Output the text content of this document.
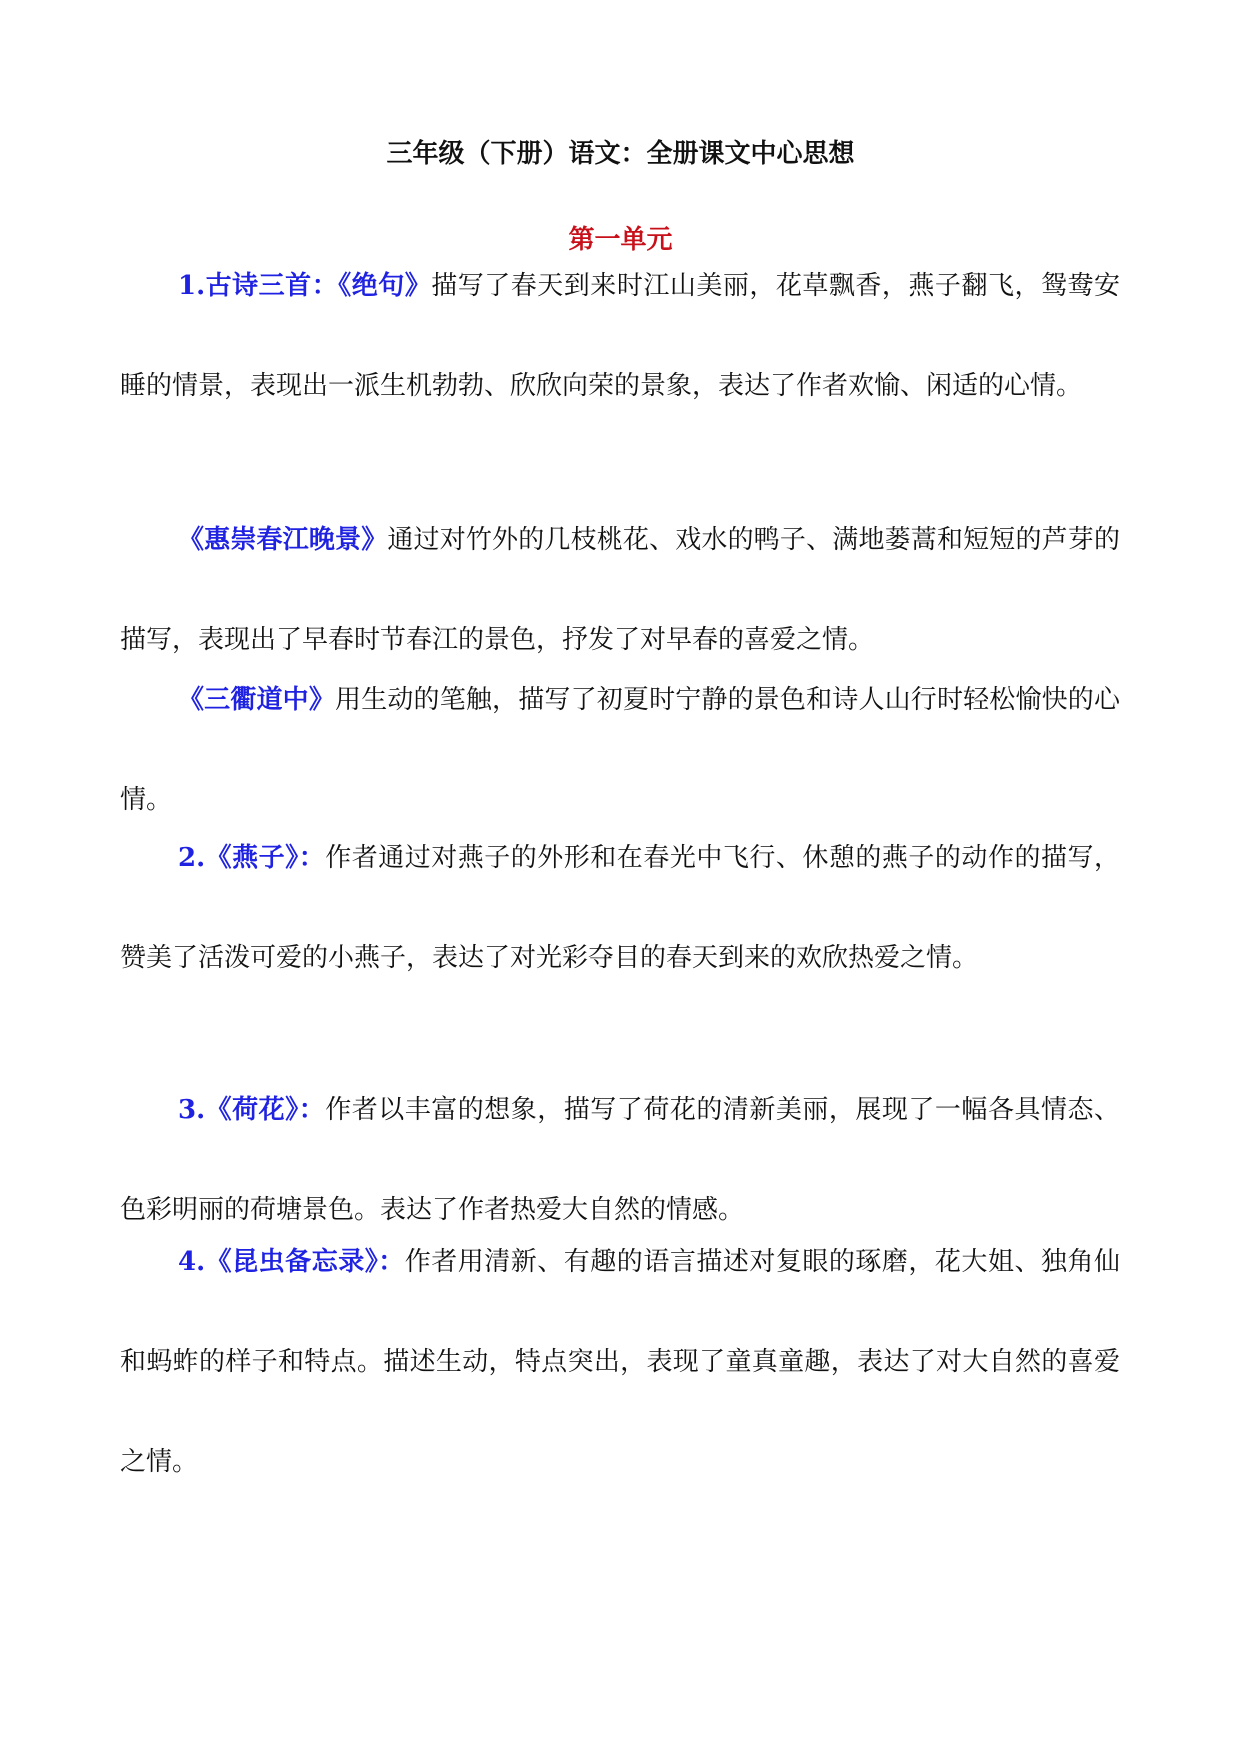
三年级（下册）语文：全册课文中心思想
第一单元

1.古诗三首：《绝句》描写了春天到来时江山美丽，花草飘香，燕子翻飞，鸳鸯安睡的情景，表现出一派生机勃勃、欣欣向荣的景象，表达了作者欢愉、闲适的心情。

《惠崇春江晚景》通过对竹外的几枝桃花、戏水的鸭子、满地蒌蒿和短短的芦芽的描写，表现出了早春时节春江的景色，抒发了对早春的喜爱之情。

《三衢道中》用生动的笔触，描写了初夏时宁静的景色和诗人山行时轻松愉快的心情。

2.《燕子》：作者通过对燕子的外形和在春光中飞行、休憩的燕子的动作的描写，赞美了活泼可爱的小燕子，表达了对光彩夺目的春天到来的欢欣热爱之情。

3.《荷花》：作者以丰富的想象，描写了荷花的清新美丽，展现了一幅各具情态、色彩明丽的荷塘景色。表达了作者热爱大自然的情感。

4.《昆虫备忘录》：作者用清新、有趣的语言描述对复眼的琢磨，花大姐、独角仙和蚂蚱的样子和特点。描述生动，特点突出，表现了童真童趣，表达了对大自然的喜爱之情。
